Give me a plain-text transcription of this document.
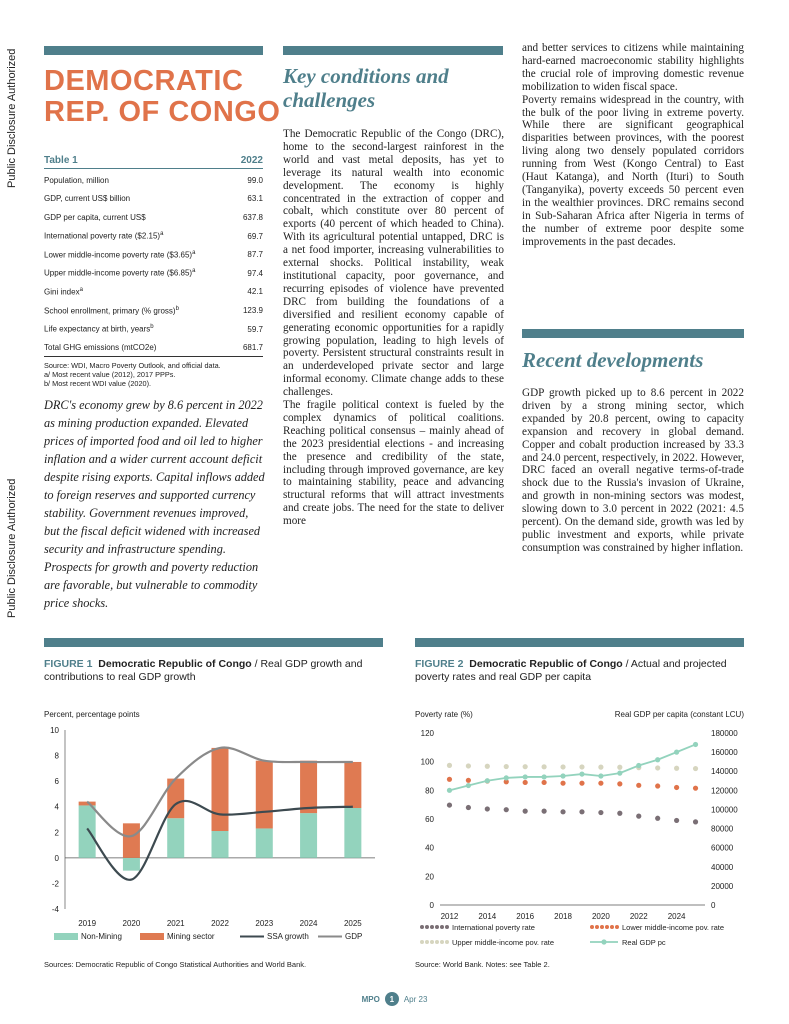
Public Disclosure Authorized
Public Disclosure Authorized
DEMOCRATIC
REP. OF CONGO
Table 1	2022
Population, million	99.0
GDP, current US$ billion	63.1
GDP per capita, current US$	637.8
International poverty rate ($2.15)$^a$	69.7
Lower middle-income poverty rate ($3.65)$^a$	87.7
Upper middle-income poverty rate ($6.85)$^a$	97.4
Gini index$^a$	42.1
School enrollment, primary (% gross)$^b$	123.9
Life expectancy at birth, years$^b$	59.7
Total GHG emissions (mtCO2e)	681.7
Source: WDI, Macro Poverty Outlook, and official data.
a/ Most recent value (2012), 2017 PPPs.
b/ Most recent WDI value (2020).
DRC's economy grew by 8.6 percent in 2022 as mining production expanded. Elevated prices of imported food and oil led to higher inflation and a wider current account deficit despite rising exports. Capital inflows added to foreign reserves and supported currency stability. Government revenues improved, but the fiscal deficit widened with increased security and infrastructure spending. Prospects for growth and poverty reduction are favorable, but vulnerable to commodity price shocks.
Key conditions and
challenges

The Democratic Republic of the Congo (DRC), home to the second-largest rainforest in the world and vast metal deposits, has yet to leverage its natural wealth into economic development. The economy is highly concentrated in the extraction of copper and cobalt, which constitute over 80 percent of exports (40 percent of which headed to China). With its agricultural potential untapped, DRC is a net food importer, increasing vulnerabilities to external shocks. Political instability, weak institutional capacity, poor governance, and recurring episodes of violence have prevented DRC from building the foundations of a diversified and resilient economy capable of generating economic opportunities for a rapidly growing population, leading to high levels of poverty. Persistent structural constraints result in an underdeveloped private sector and large informal economy. Climate change adds to these challenges.

The fragile political context is fueled by the complex dynamics of political coalitions. Reaching political consensus – mainly ahead of the 2023 presidential elections - and increasing the presence and credibility of the state, including through improved governance, are key to maintaining stability, peace and advancing structural reforms that will attract investments and create jobs. The need for the state to deliver more

and better services to citizens while maintaining hard-earned macroeconomic stability highlights the crucial role of improving domestic revenue mobilization to widen fiscal space.

Poverty remains widespread in the country, with the bulk of the poor living in extreme poverty. While there are significant geographical disparities between provinces, with the poorest living along two densely populated corridors running from West (Kongo Central) to East (Haut Katanga), and North (Ituri) to South (Tanganyika), poverty exceeds 50 percent even in the wealthier provinces. DRC remains second in Sub-Saharan Africa after Nigeria in terms of the number of extreme poor despite some improvements in the past decades.

Recent developments

GDP growth picked up to 8.6 percent in 2022 driven by a strong mining sector, which expanded by 20.8 percent, owing to capacity expansion and recovery in global demand. Copper and cobalt production increased by 33.3 and 24.0 percent, respectively, in 2022. However, DRC faced an overall negative terms-of-trade shock due to the Russia's invasion of Ukraine, and growth in non-mining sectors was modest, slowing down to 3.0 percent in 2022 (2021: 4.5 percent). On the demand side, growth was led by public investment and exports, while private consumption was constrained by higher inflation.

FIGURE 1 Democratic Republic of Congo / Real GDP growth and contributions to real GDP growth
FIGURE 2 Democratic Republic of Congo / Actual and projected poverty rates and real GDP per capita
Percent, percentage points
-4
-2
0
2
4
6
8
10
2019	2020	2021	2022	2023	2024	2025
Non-Mining	Mining sector	SSA growth	GDP
Poverty rate (%)	Real GDP per capita (constant LCU)
0
20
40
60
80
100
120
0
20000
40000
60000
80000
100000
120000
140000
160000
180000
2012	2014	2016	2018	2020	2022	2024
International poverty rate	Lower middle-income pov. rate
Upper middle-income pov. rate	Real GDP pc
Sources: Democratic Republic of Congo Statistical Authorities and World Bank.	Source: World Bank. Notes: see Table 2.
MPO	1	Apr 23
